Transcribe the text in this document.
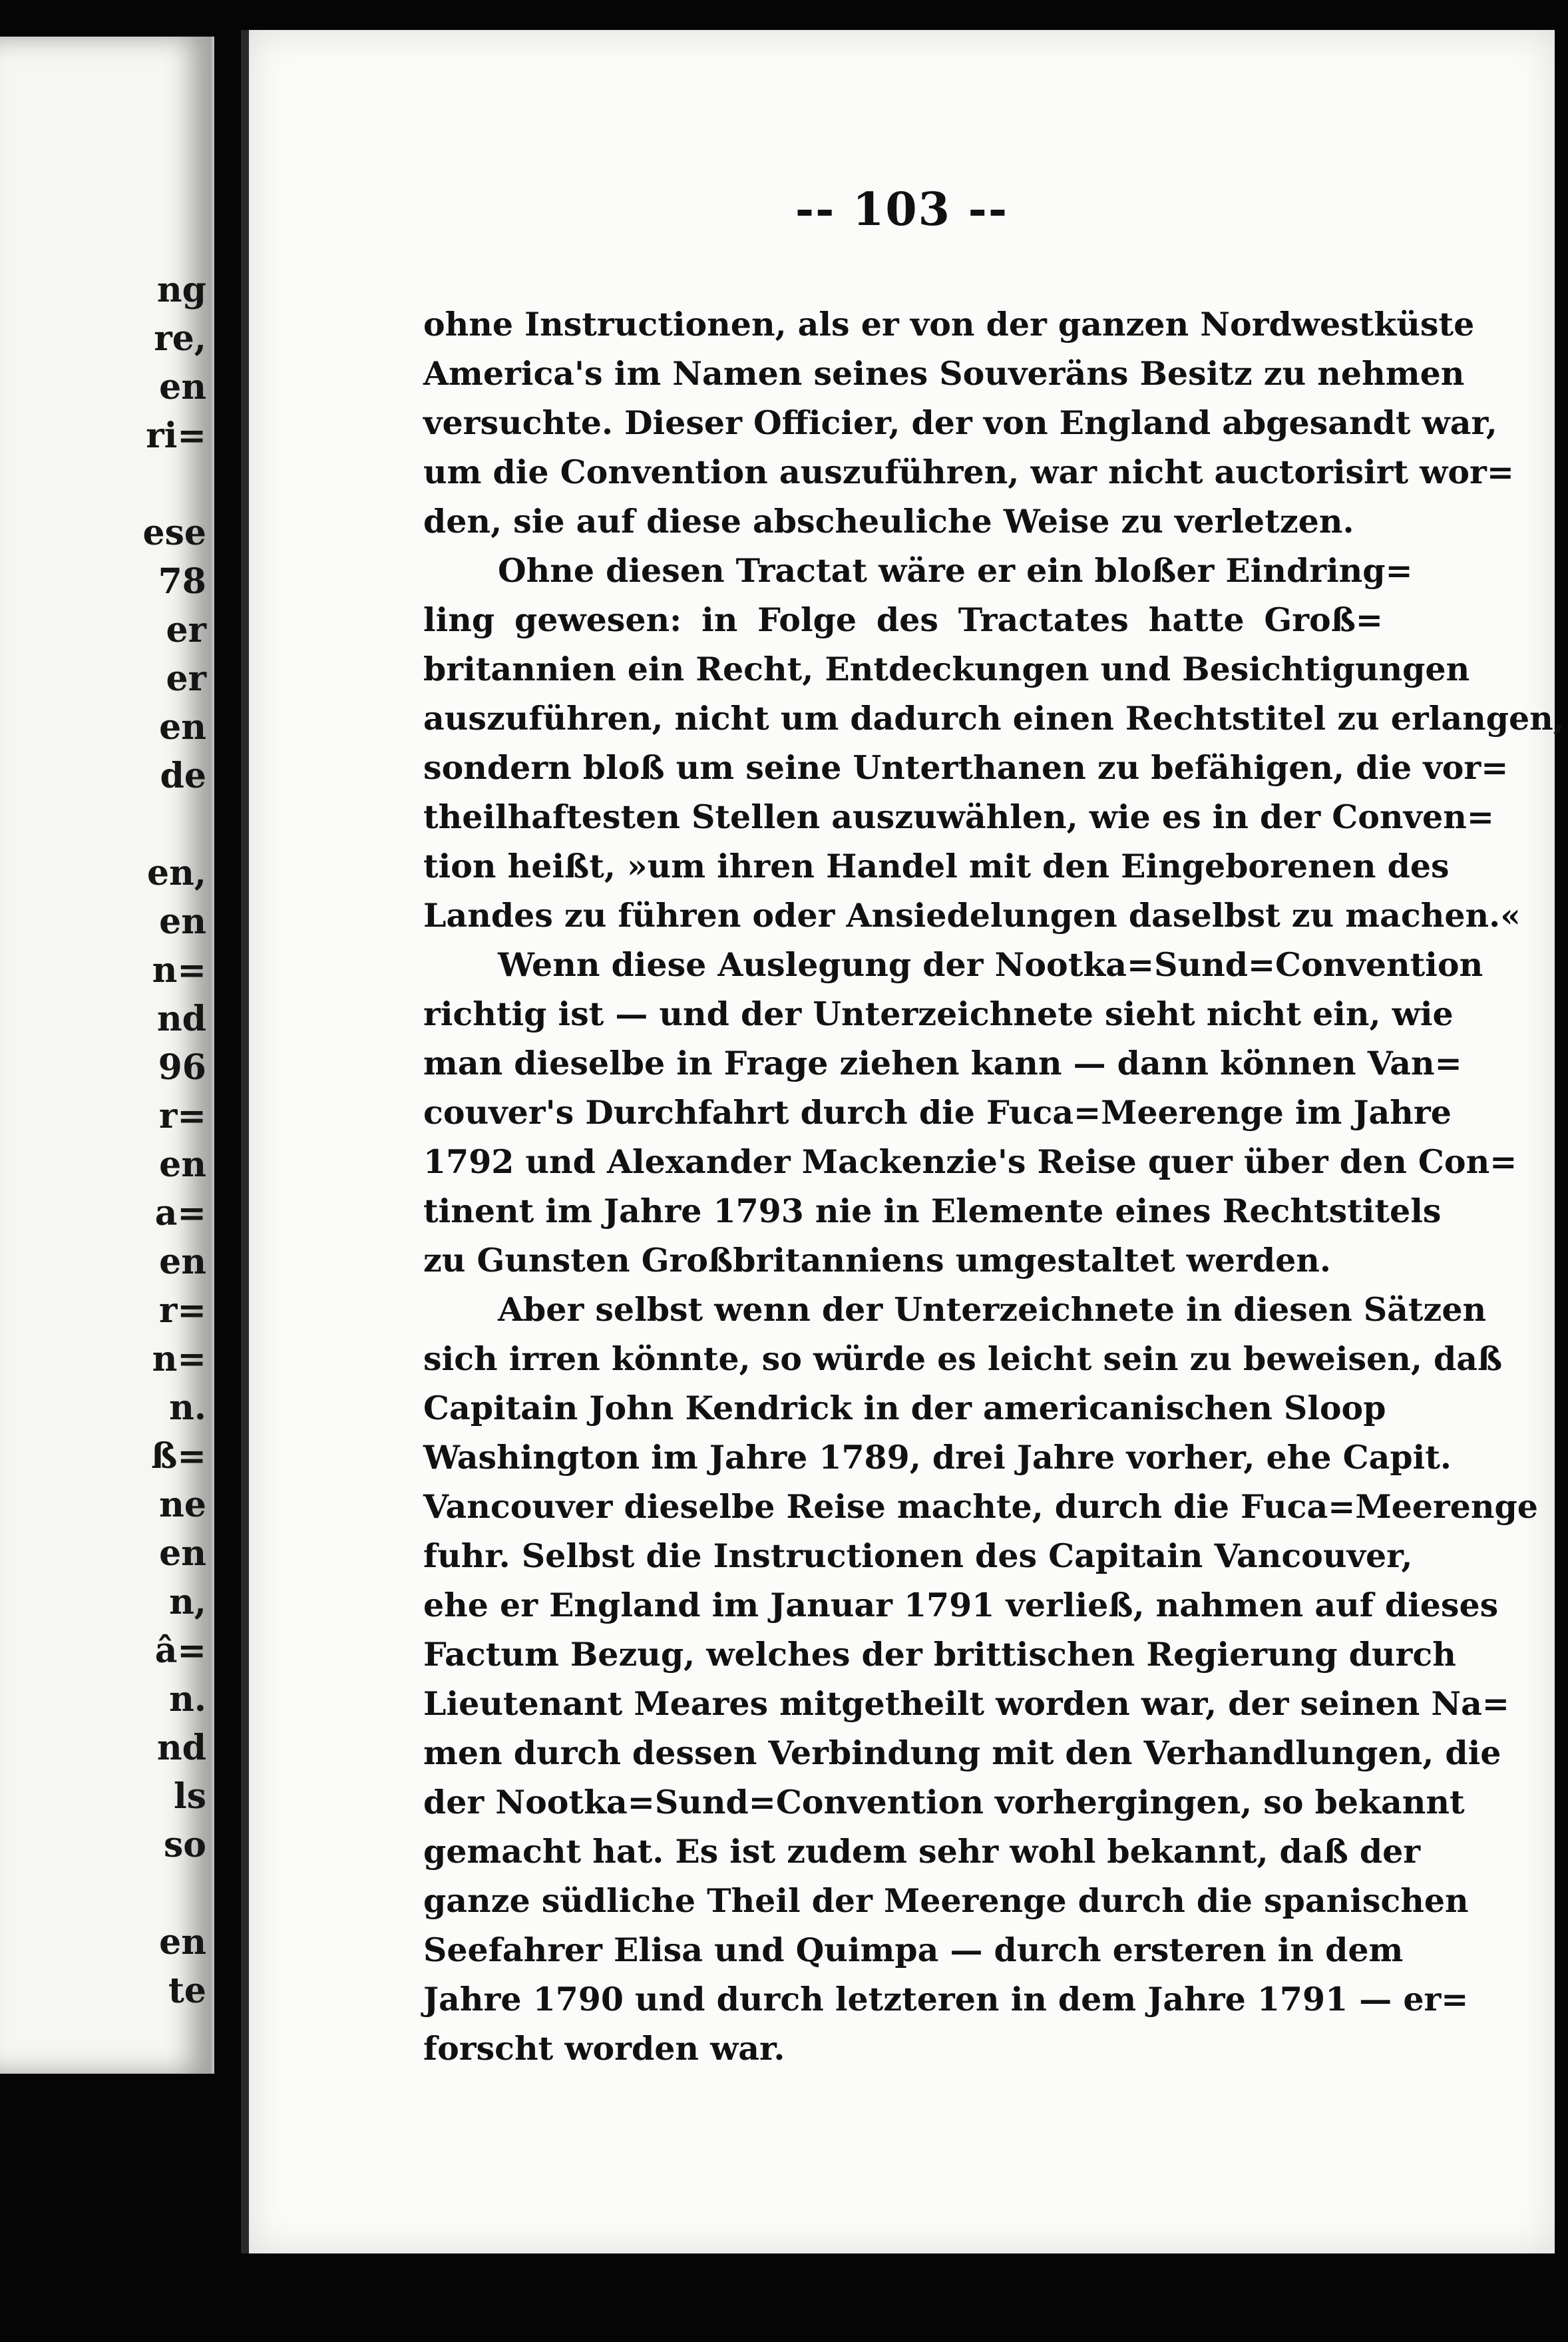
ng
re,
en
ri=
ese
78
er
er
en
de
en,
en
n=
nd
96
r=
en
a=
en
r=
n=
n.
ß=
ne
en
n,
â=
n.
nd
ls
so
en
te
-- 103 --
ohne Instructionen, als er von der ganzen Nordwestküste
America's im Namen seines Souveräns Besitz zu nehmen
versuchte. Dieser Officier, der von England abgesandt war,
um die Convention auszuführen, war nicht auctorisirt wor=
den, sie auf diese abscheuliche Weise zu verletzen.
Ohne diesen Tractat wäre er ein bloßer Eindring=
ling gewesen: in Folge des Tractates hatte Groß=
britannien ein Recht, Entdeckungen und Besichtigungen
auszuführen, nicht um dadurch einen Rechtstitel zu erlangen,
sondern bloß um seine Unterthanen zu befähigen, die vor=
theilhaftesten Stellen auszuwählen, wie es in der Conven=
tion heißt, »um ihren Handel mit den Eingeborenen des
Landes zu führen oder Ansiedelungen daselbst zu machen.«
Wenn diese Auslegung der Nootka=Sund=Convention
richtig ist — und der Unterzeichnete sieht nicht ein, wie
man dieselbe in Frage ziehen kann — dann können Van=
couver's Durchfahrt durch die Fuca=Meerenge im Jahre
1792 und Alexander Mackenzie's Reise quer über den Con=
tinent im Jahre 1793 nie in Elemente eines Rechtstitels
zu Gunsten Großbritanniens umgestaltet werden.
Aber selbst wenn der Unterzeichnete in diesen Sätzen
sich irren könnte, so würde es leicht sein zu beweisen, daß
Capitain John Kendrick in der americanischen Sloop
Washington im Jahre 1789, drei Jahre vorher, ehe Capit.
Vancouver dieselbe Reise machte, durch die Fuca=Meerenge
fuhr. Selbst die Instructionen des Capitain Vancouver,
ehe er England im Januar 1791 verließ, nahmen auf dieses
Factum Bezug, welches der brittischen Regierung durch
Lieutenant Meares mitgetheilt worden war, der seinen Na=
men durch dessen Verbindung mit den Verhandlungen, die
der Nootka=Sund=Convention vorhergingen, so bekannt
gemacht hat. Es ist zudem sehr wohl bekannt, daß der
ganze südliche Theil der Meerenge durch die spanischen
Seefahrer Elisa und Quimpa — durch ersteren in dem
Jahre 1790 und durch letzteren in dem Jahre 1791 — er=
forscht worden war.
